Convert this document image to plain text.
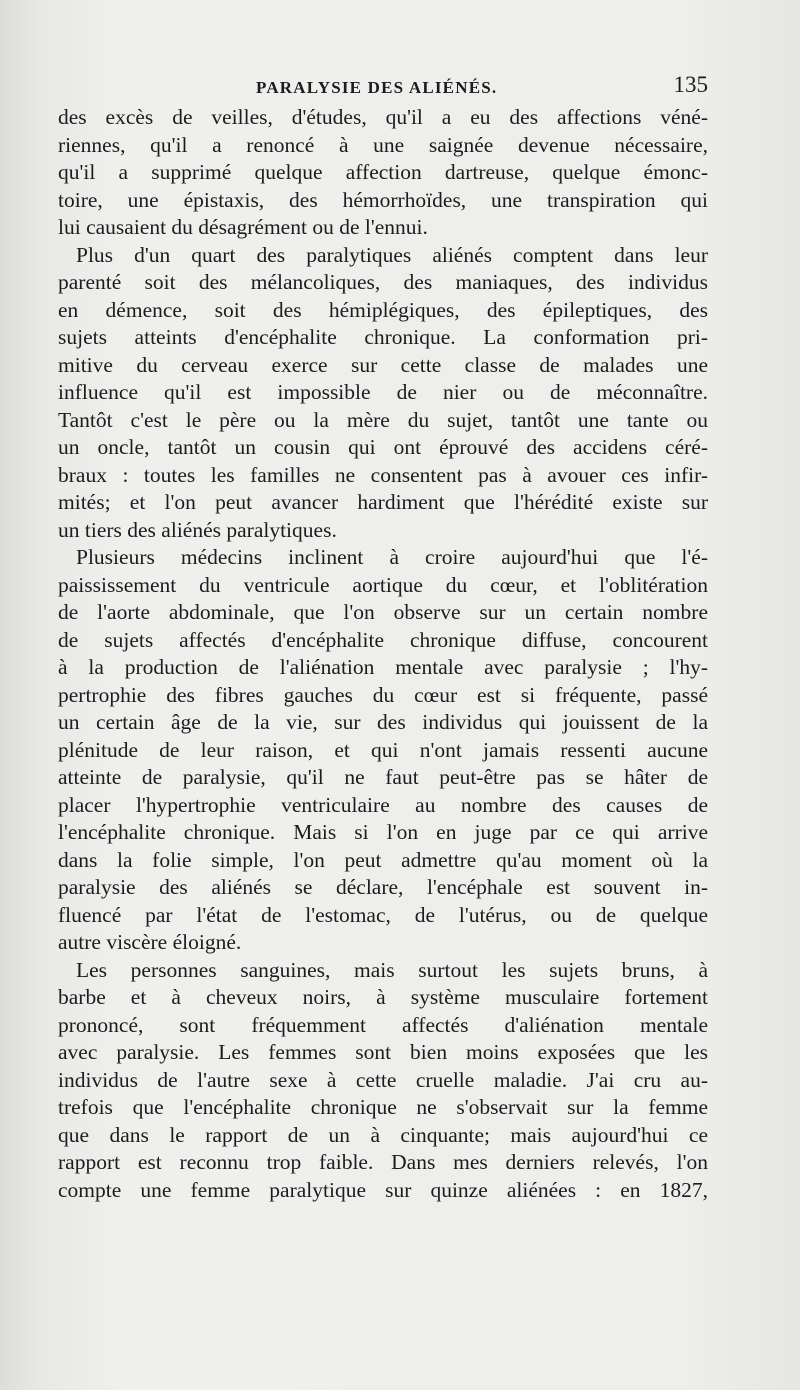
PARALYSIE DES ALIÉNÉS.	135
des excès de veilles, d'études, qu'il a eu des affections véné-
riennes, qu'il a renoncé à une saignée devenue nécessaire,
qu'il a supprimé quelque affection dartreuse, quelque émonc-
toire, une épistaxis, des hémorrhoïdes, une transpiration qui
lui causaient du désagrément ou de l'ennui.
Plus d'un quart des paralytiques aliénés comptent dans leur
parenté soit des mélancoliques, des maniaques, des individus
en démence, soit des hémiplégiques, des épileptiques, des
sujets atteints d'encéphalite chronique. La conformation pri-
mitive du cerveau exerce sur cette classe de malades une
influence qu'il est impossible de nier ou de méconnaître.
Tantôt c'est le père ou la mère du sujet, tantôt une tante ou
un oncle, tantôt un cousin qui ont éprouvé des accidens céré-
braux : toutes les familles ne consentent pas à avouer ces infir-
mités; et l'on peut avancer hardiment que l'hérédité existe sur
un tiers des aliénés paralytiques.
Plusieurs médecins inclinent à croire aujourd'hui que l'é-
paississement du ventricule aortique du cœur, et l'oblitération
de l'aorte abdominale, que l'on observe sur un certain nombre
de sujets affectés d'encéphalite chronique diffuse, concourent
à la production de l'aliénation mentale avec paralysie ; l'hy-
pertrophie des fibres gauches du cœur est si fréquente, passé
un certain âge de la vie, sur des individus qui jouissent de la
plénitude de leur raison, et qui n'ont jamais ressenti aucune
atteinte de paralysie, qu'il ne faut peut-être pas se hâter de
placer l'hypertrophie ventriculaire au nombre des causes de
l'encéphalite chronique. Mais si l'on en juge par ce qui arrive
dans la folie simple, l'on peut admettre qu'au moment où la
paralysie des aliénés se déclare, l'encéphale est souvent in-
fluencé par l'état de l'estomac, de l'utérus, ou de quelque
autre viscère éloigné.
Les personnes sanguines, mais surtout les sujets bruns, à
barbe et à cheveux noirs, à système musculaire fortement
prononcé, sont fréquemment affectés d'aliénation mentale
avec paralysie. Les femmes sont bien moins exposées que les
individus de l'autre sexe à cette cruelle maladie. J'ai cru au-
trefois que l'encéphalite chronique ne s'observait sur la femme
que dans le rapport de un à cinquante; mais aujourd'hui ce
rapport est reconnu trop faible. Dans mes derniers relevés, l'on
compte une femme paralytique sur quinze aliénées : en 1827,
